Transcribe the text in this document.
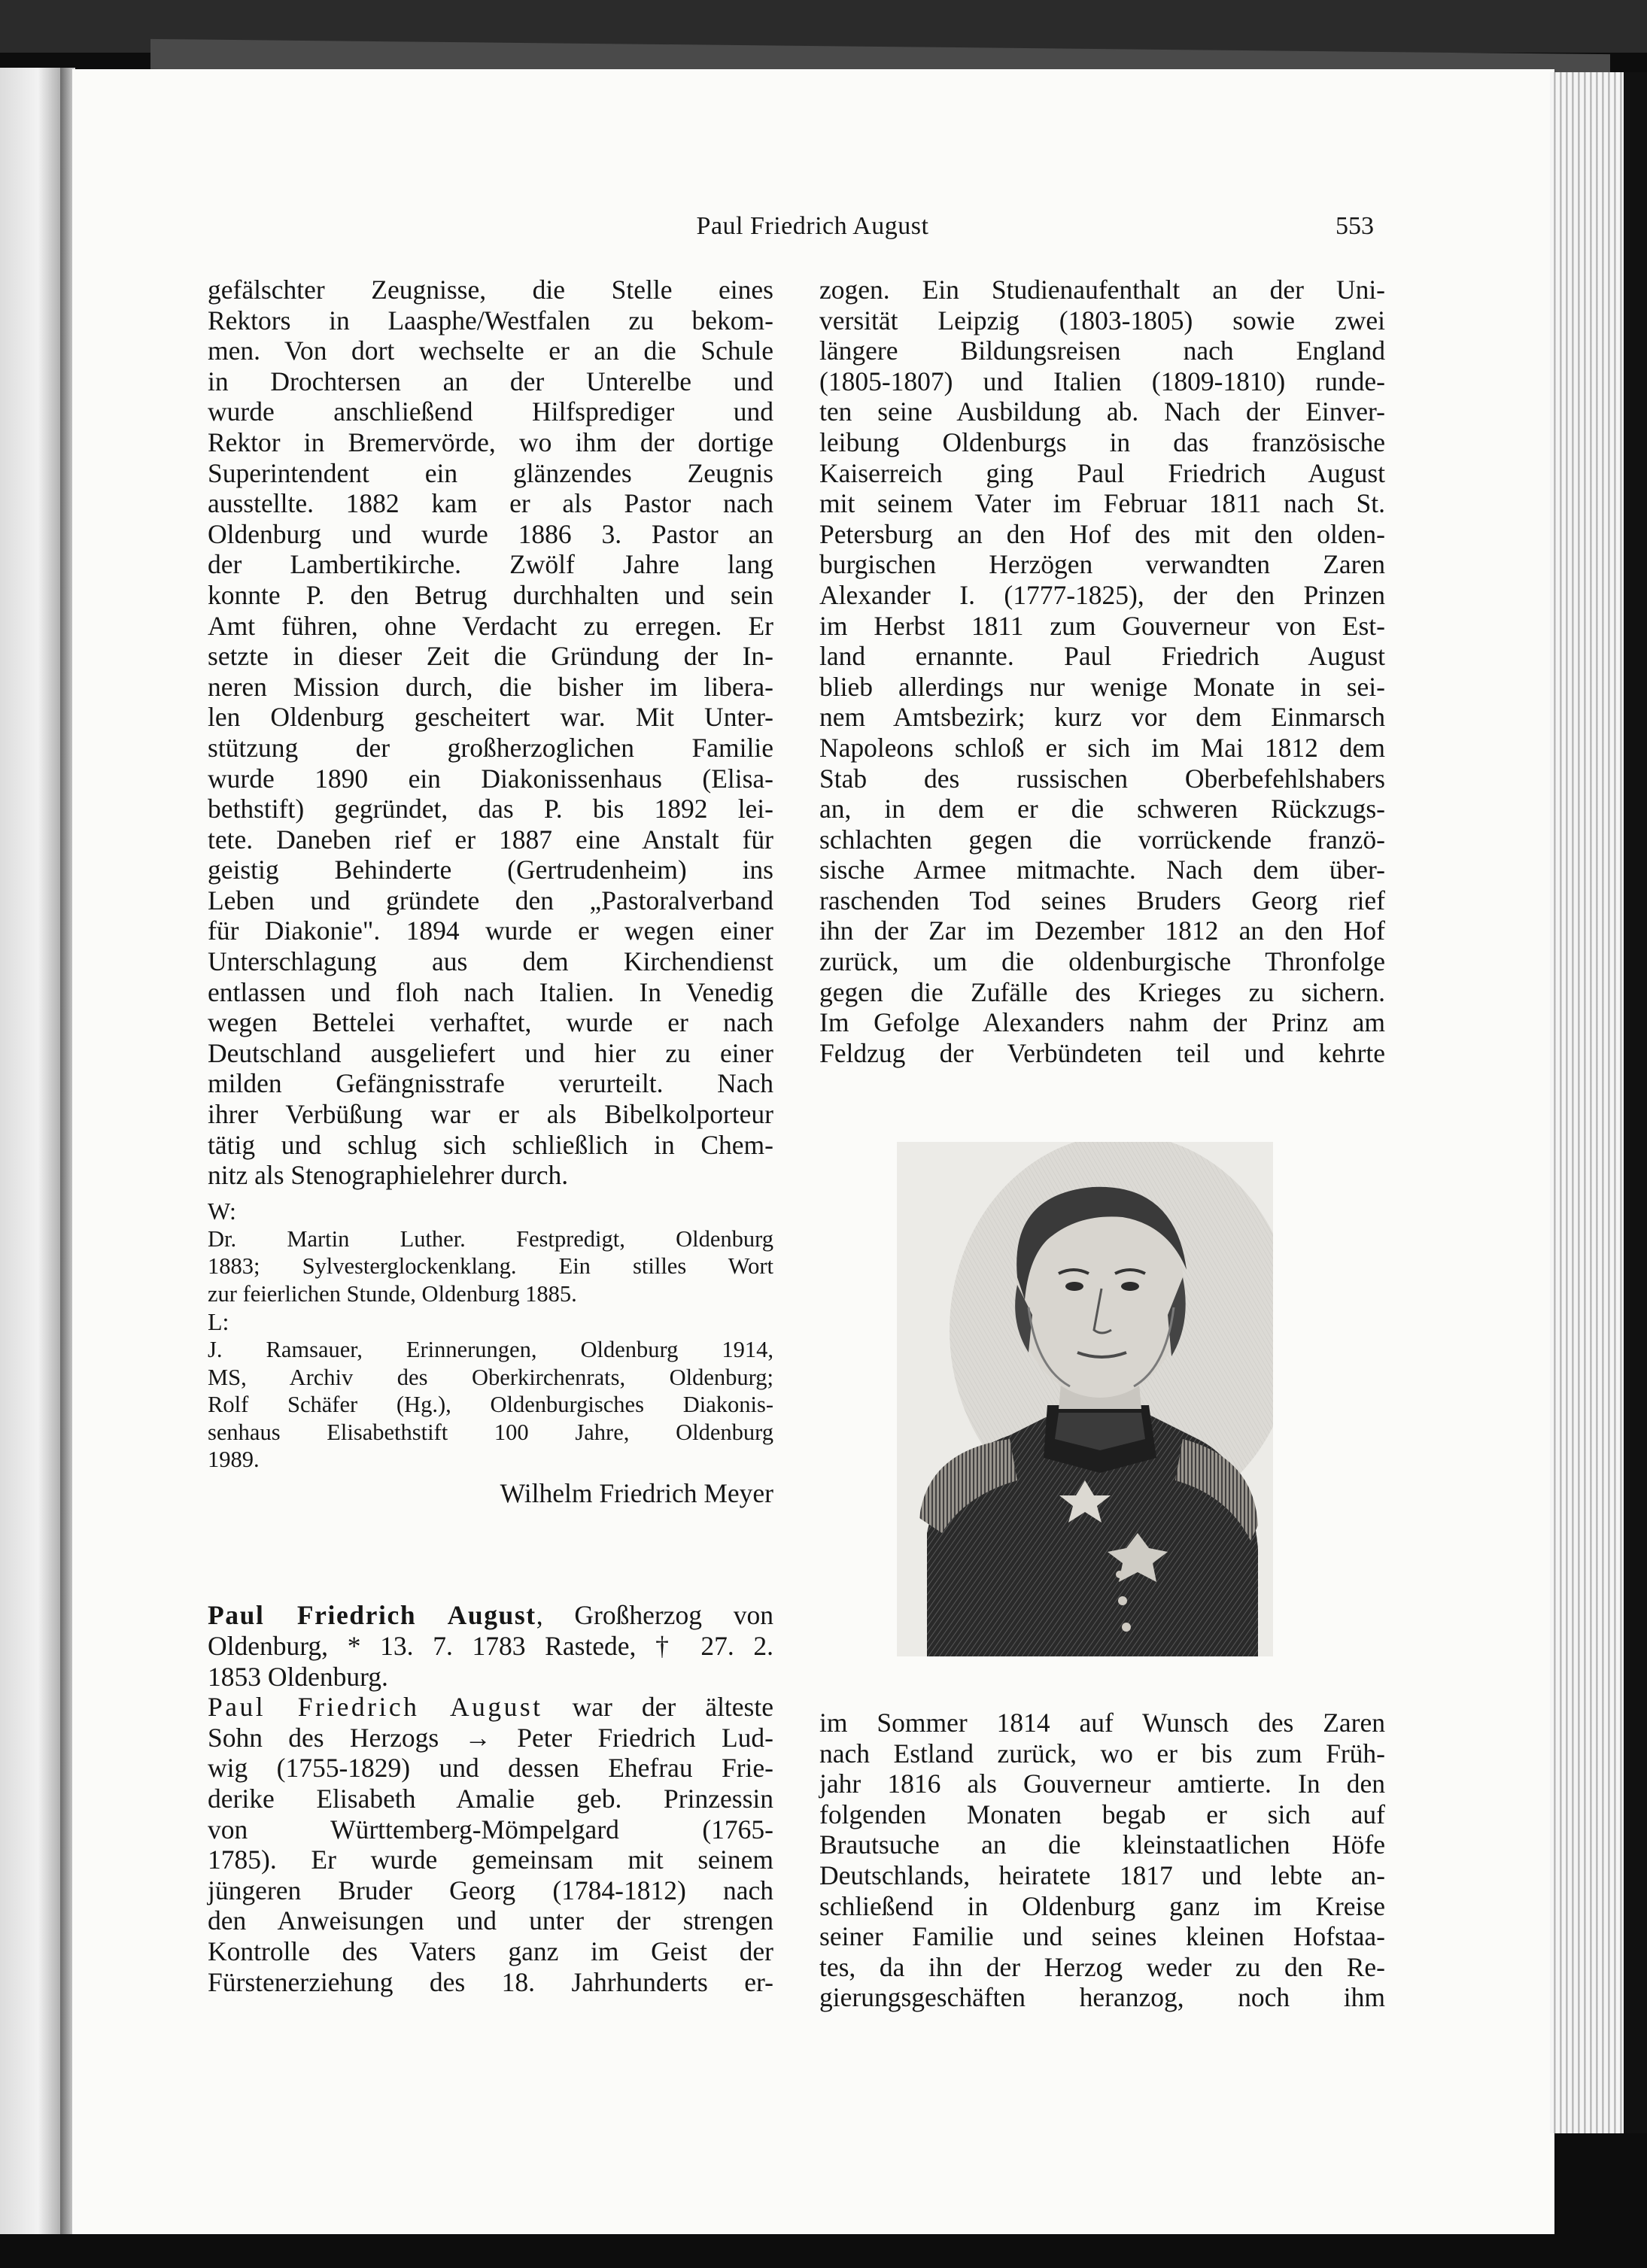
Paul Friedrich August	553

gefälschter Zeugnisse, die Stelle eines

Rektors in Laasphe/Westfalen zu bekom-

men. Von dort wechselte er an die Schule

in Drochtersen an der Unterelbe und

wurde anschließend Hilfsprediger und

Rektor in Bremervörde, wo ihm der dortige

Superintendent ein glänzendes Zeugnis

ausstellte. 1882 kam er als Pastor nach

Oldenburg und wurde 1886 3. Pastor an

der Lambertikirche. Zwölf Jahre lang

konnte P. den Betrug durchhalten und sein

Amt führen, ohne Verdacht zu erregen. Er

setzte in dieser Zeit die Gründung der In-

neren Mission durch, die bisher im libera-

len Oldenburg gescheitert war. Mit Unter-

stützung der großherzoglichen Familie

wurde 1890 ein Diakonissenhaus (Elisa-

bethstift) gegründet, das P. bis 1892 lei-

tete. Daneben rief er 1887 eine Anstalt für

geistig Behinderte (Gertrudenheim) ins

Leben und gründete den „Pastoralverband

für Diakonie". 1894 wurde er wegen einer

Unterschlagung aus dem Kirchendienst

entlassen und floh nach Italien. In Venedig

wegen Bettelei verhaftet, wurde er nach

Deutschland ausgeliefert und hier zu einer

milden Gefängnisstrafe verurteilt. Nach

ihrer Verbüßung war er als Bibelkolporteur

tätig und schlug sich schließlich in Chem-

nitz als Stenographielehrer durch.

W:

Dr. Martin Luther. Festpredigt, Oldenburg

1883; Sylvesterglockenklang. Ein stilles Wort

zur feierlichen Stunde, Oldenburg 1885.

L:

J. Ramsauer, Erinnerungen, Oldenburg 1914,

MS, Archiv des Oberkirchenrats, Oldenburg;

Rolf Schäfer (Hg.), Oldenburgisches Diakonis-

senhaus Elisabethstift 100 Jahre, Oldenburg

1989.

Wilhelm Friedrich Meyer

Paul Friedrich August, Großherzog von

Oldenburg, * 13. 7. 1783 Rastede, † 27. 2.

1853 Oldenburg.

Paul Friedrich August war der älteste

Sohn des Herzogs → Peter Friedrich Lud-

wig (1755-1829) und dessen Ehefrau Frie-

derike Elisabeth Amalie geb. Prinzessin

von Württemberg-Mömpelgard (1765-

1785). Er wurde gemeinsam mit seinem

jüngeren Bruder Georg (1784-1812) nach

den Anweisungen und unter der strengen

Kontrolle des Vaters ganz im Geist der

Fürstenerziehung des 18. Jahrhunderts er-

zogen. Ein Studienaufenthalt an der Uni-

versität Leipzig (1803-1805) sowie zwei

längere Bildungsreisen nach England

(1805-1807) und Italien (1809-1810) runde-

ten seine Ausbildung ab. Nach der Einver-

leibung Oldenburgs in das französische

Kaiserreich ging Paul Friedrich August

mit seinem Vater im Februar 1811 nach St.

Petersburg an den Hof des mit den olden-

burgischen Herzögen verwandten Zaren

Alexander I. (1777-1825), der den Prinzen

im Herbst 1811 zum Gouverneur von Est-

land ernannte. Paul Friedrich August

blieb allerdings nur wenige Monate in sei-

nem Amtsbezirk; kurz vor dem Einmarsch

Napoleons schloß er sich im Mai 1812 dem

Stab des russischen Oberbefehlshabers

an, in dem er die schweren Rückzugs-

schlachten gegen die vorrückende franzö-

sische Armee mitmachte. Nach dem über-

raschenden Tod seines Bruders Georg rief

ihn der Zar im Dezember 1812 an den Hof

zurück, um die oldenburgische Thronfolge

gegen die Zufälle des Krieges zu sichern.

Im Gefolge Alexanders nahm der Prinz am

Feldzug der Verbündeten teil und kehrte

im Sommer 1814 auf Wunsch des Zaren

nach Estland zurück, wo er bis zum Früh-

jahr 1816 als Gouverneur amtierte. In den

folgenden Monaten begab er sich auf

Brautsuche an die kleinstaatlichen Höfe

Deutschlands, heiratete 1817 und lebte an-

schließend in Oldenburg ganz im Kreise

seiner Familie und seines kleinen Hofstaa-

tes, da ihn der Herzog weder zu den Re-

gierungsgeschäften heranzog, noch ihm
